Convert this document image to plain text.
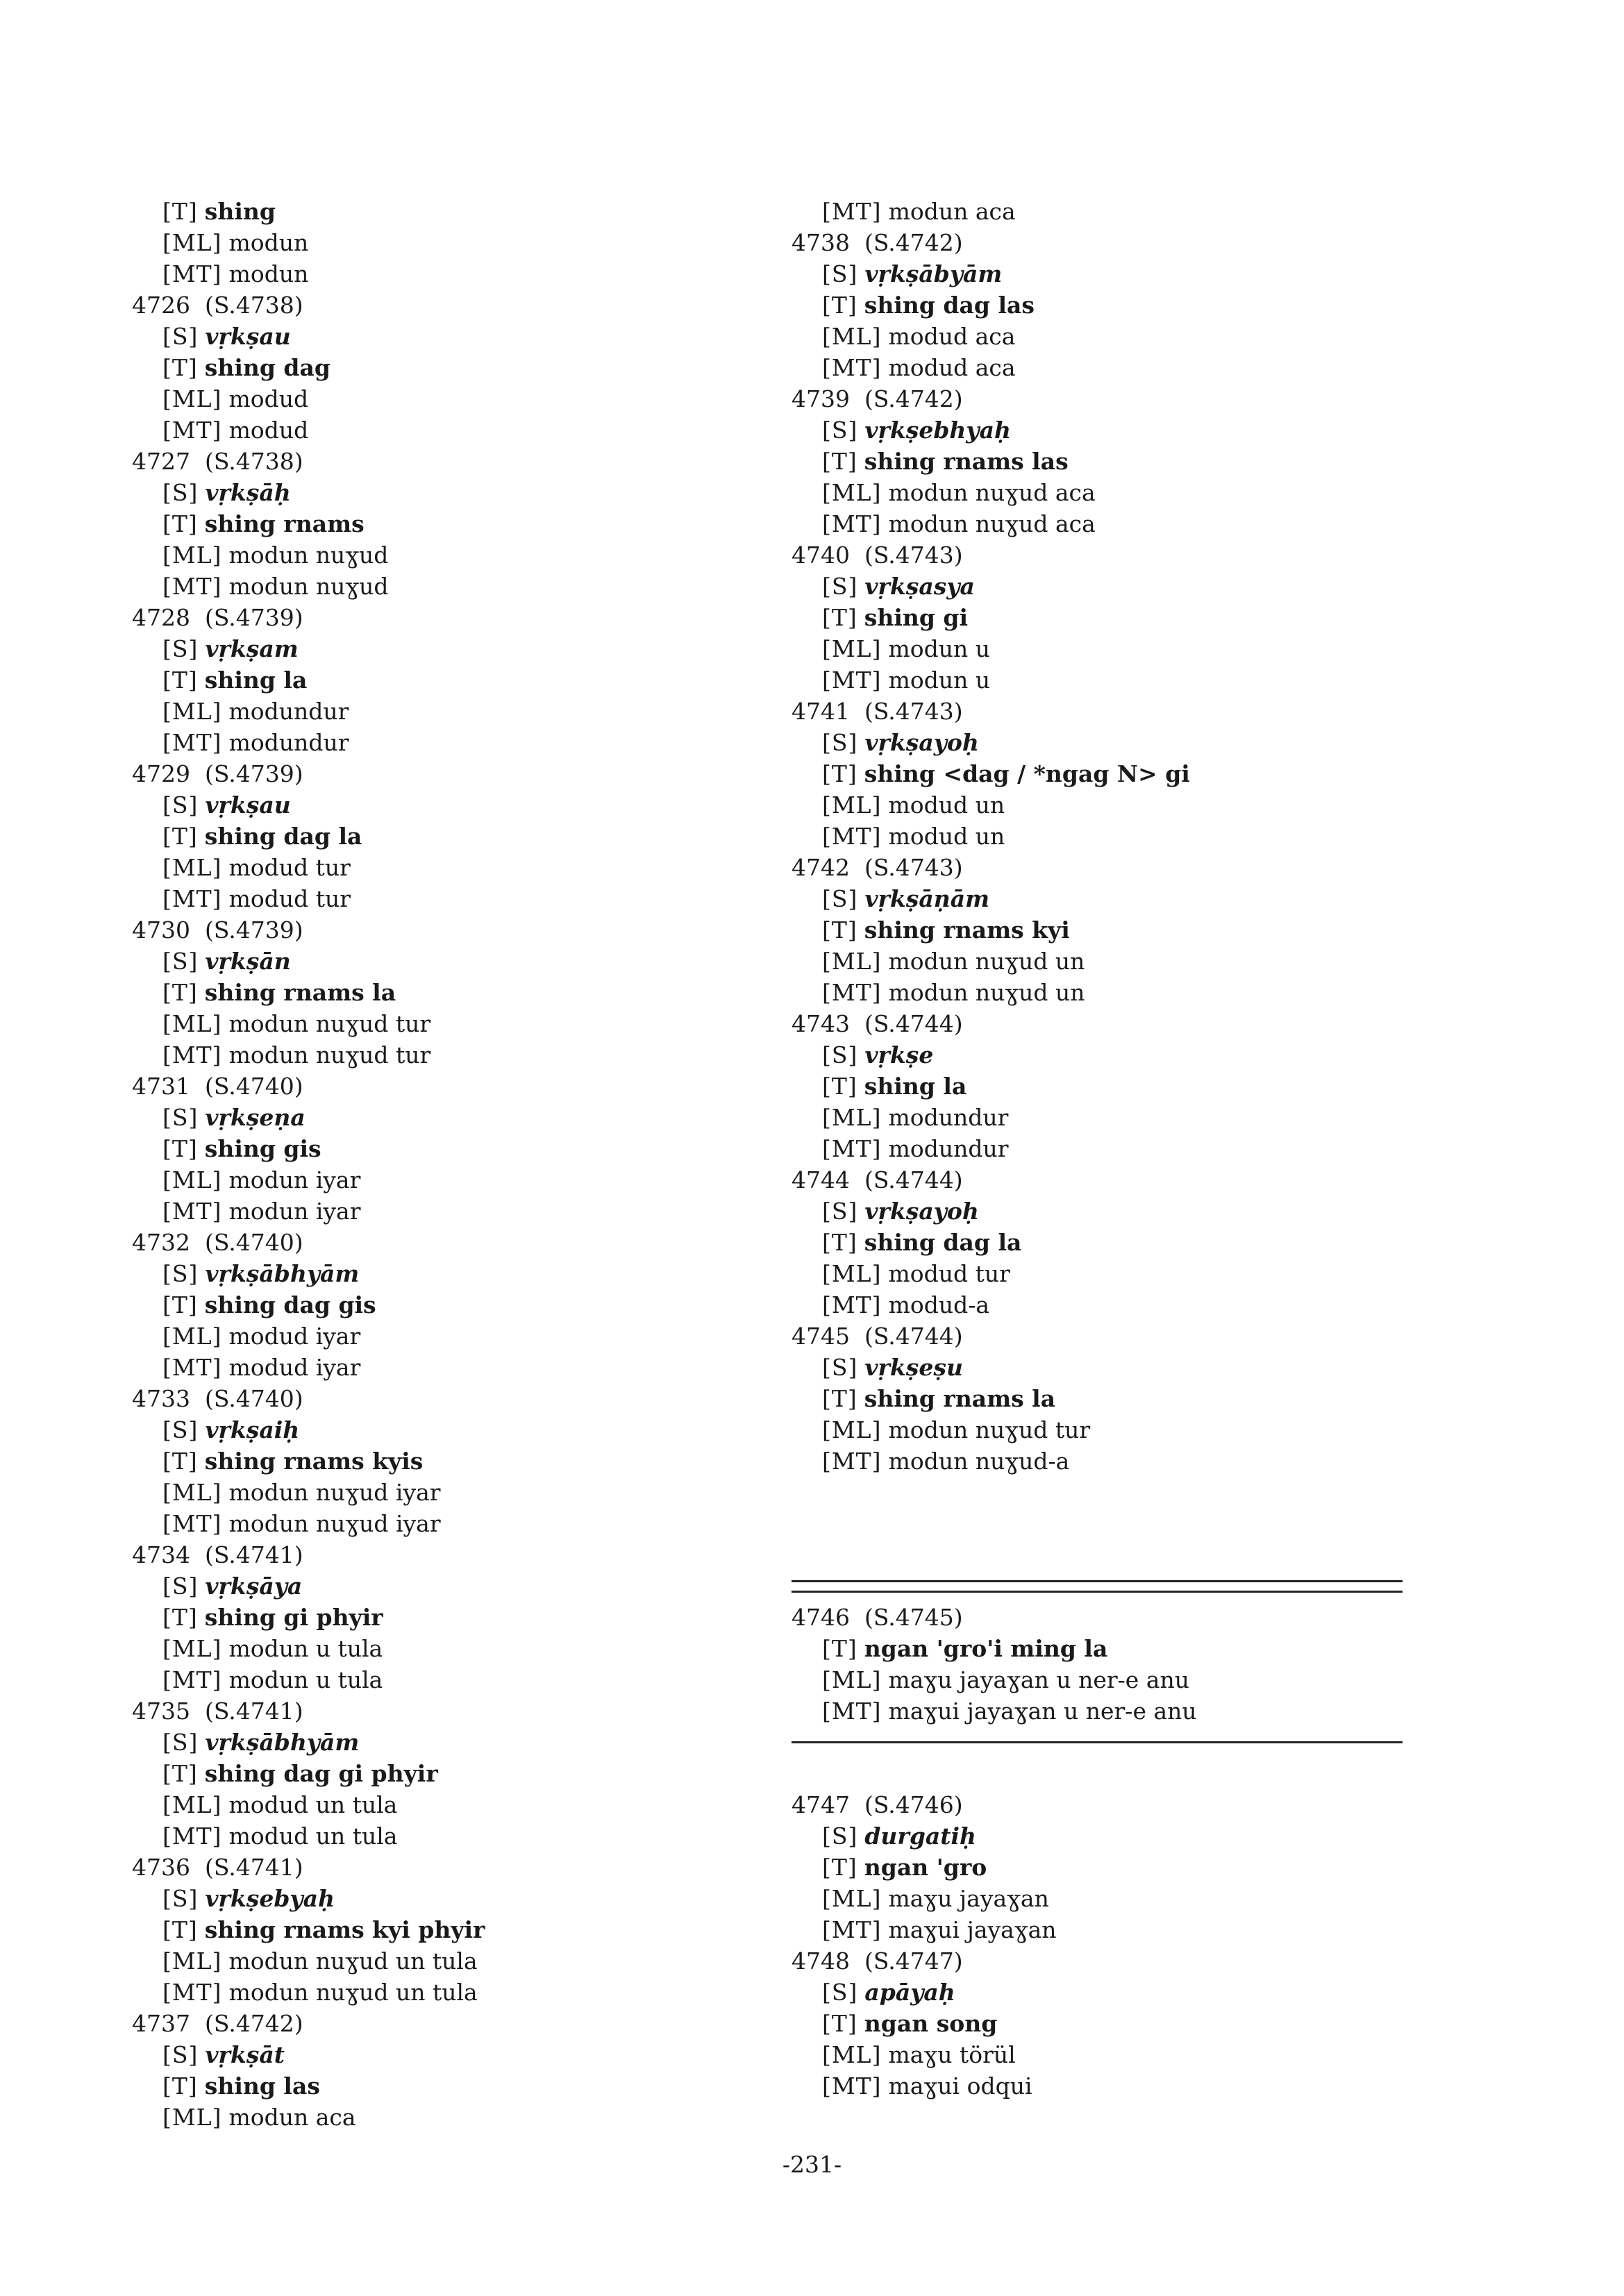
[T] shing
[ML] modun
[MT] modun
4726  (S.4738)
[S] vṛkṣau
[T] shing dag
[ML] modud
[MT] modud
4727  (S.4738)
[S] vṛkṣāḥ
[T] shing rnams
[ML] modun nuɣud
[MT] modun nuɣud
4728  (S.4739)
[S] vṛkṣam
[T] shing la
[ML] modundur
[MT] modundur
4729  (S.4739)
[S] vṛkṣau
[T] shing dag la
[ML] modud tur
[MT] modud tur
4730  (S.4739)
[S] vṛkṣān
[T] shing rnams la
[ML] modun nuɣud tur
[MT] modun nuɣud tur
4731  (S.4740)
[S] vṛkṣeṇa
[T] shing gis
[ML] modun iyar
[MT] modun iyar
4732  (S.4740)
[S] vṛkṣābhyām
[T] shing dag gis
[ML] modud iyar
[MT] modud iyar
4733  (S.4740)
[S] vṛkṣaiḥ
[T] shing rnams kyis
[ML] modun nuɣud iyar
[MT] modun nuɣud iyar
4734  (S.4741)
[S] vṛkṣāya
[T] shing gi phyir
[ML] modun u tula
[MT] modun u tula
4735  (S.4741)
[S] vṛkṣābhyām
[T] shing dag gi phyir
[ML] modud un tula
[MT] modud un tula
4736  (S.4741)
[S] vṛkṣebyaḥ
[T] shing rnams kyi phyir
[ML] modun nuɣud un tula
[MT] modun nuɣud un tula
4737  (S.4742)
[S] vṛkṣāt
[T] shing las
[ML] modun aca
[MT] modun aca
4738  (S.4742)
[S] vṛkṣābyām
[T] shing dag las
[ML] modud aca
[MT] modud aca
4739  (S.4742)
[S] vṛkṣebhyaḥ
[T] shing rnams las
[ML] modun nuɣud aca
[MT] modun nuɣud aca
4740  (S.4743)
[S] vṛkṣasya
[T] shing gi
[ML] modun u
[MT] modun u
4741  (S.4743)
[S] vṛkṣayoḥ
[T] shing <dag / *ngag N> gi
[ML] modud un
[MT] modud un
4742  (S.4743)
[S] vṛkṣāṇām
[T] shing rnams kyi
[ML] modun nuɣud un
[MT] modun nuɣud un
4743  (S.4744)
[S] vṛkṣe
[T] shing la
[ML] modundur
[MT] modundur
4744  (S.4744)
[S] vṛkṣayoḥ
[T] shing dag la
[ML] modud tur
[MT] modud-a
4745  (S.4744)
[S] vṛkṣeṣu
[T] shing rnams la
[ML] modun nuɣud tur
[MT] modun nuɣud-a
4746  (S.4745)
[T] ngan 'gro'i ming la
[ML] maɣu jayaɣan u ner-e anu
[MT] maɣui jayaɣan u ner-e anu
4747  (S.4746)
[S] durgatiḥ
[T] ngan 'gro
[ML] maɣu jayaɣan
[MT] maɣui jayaɣan
4748  (S.4747)
[S] apāyaḥ
[T] ngan song
[ML] maɣu törül
[MT] maɣui odqui
-231-
